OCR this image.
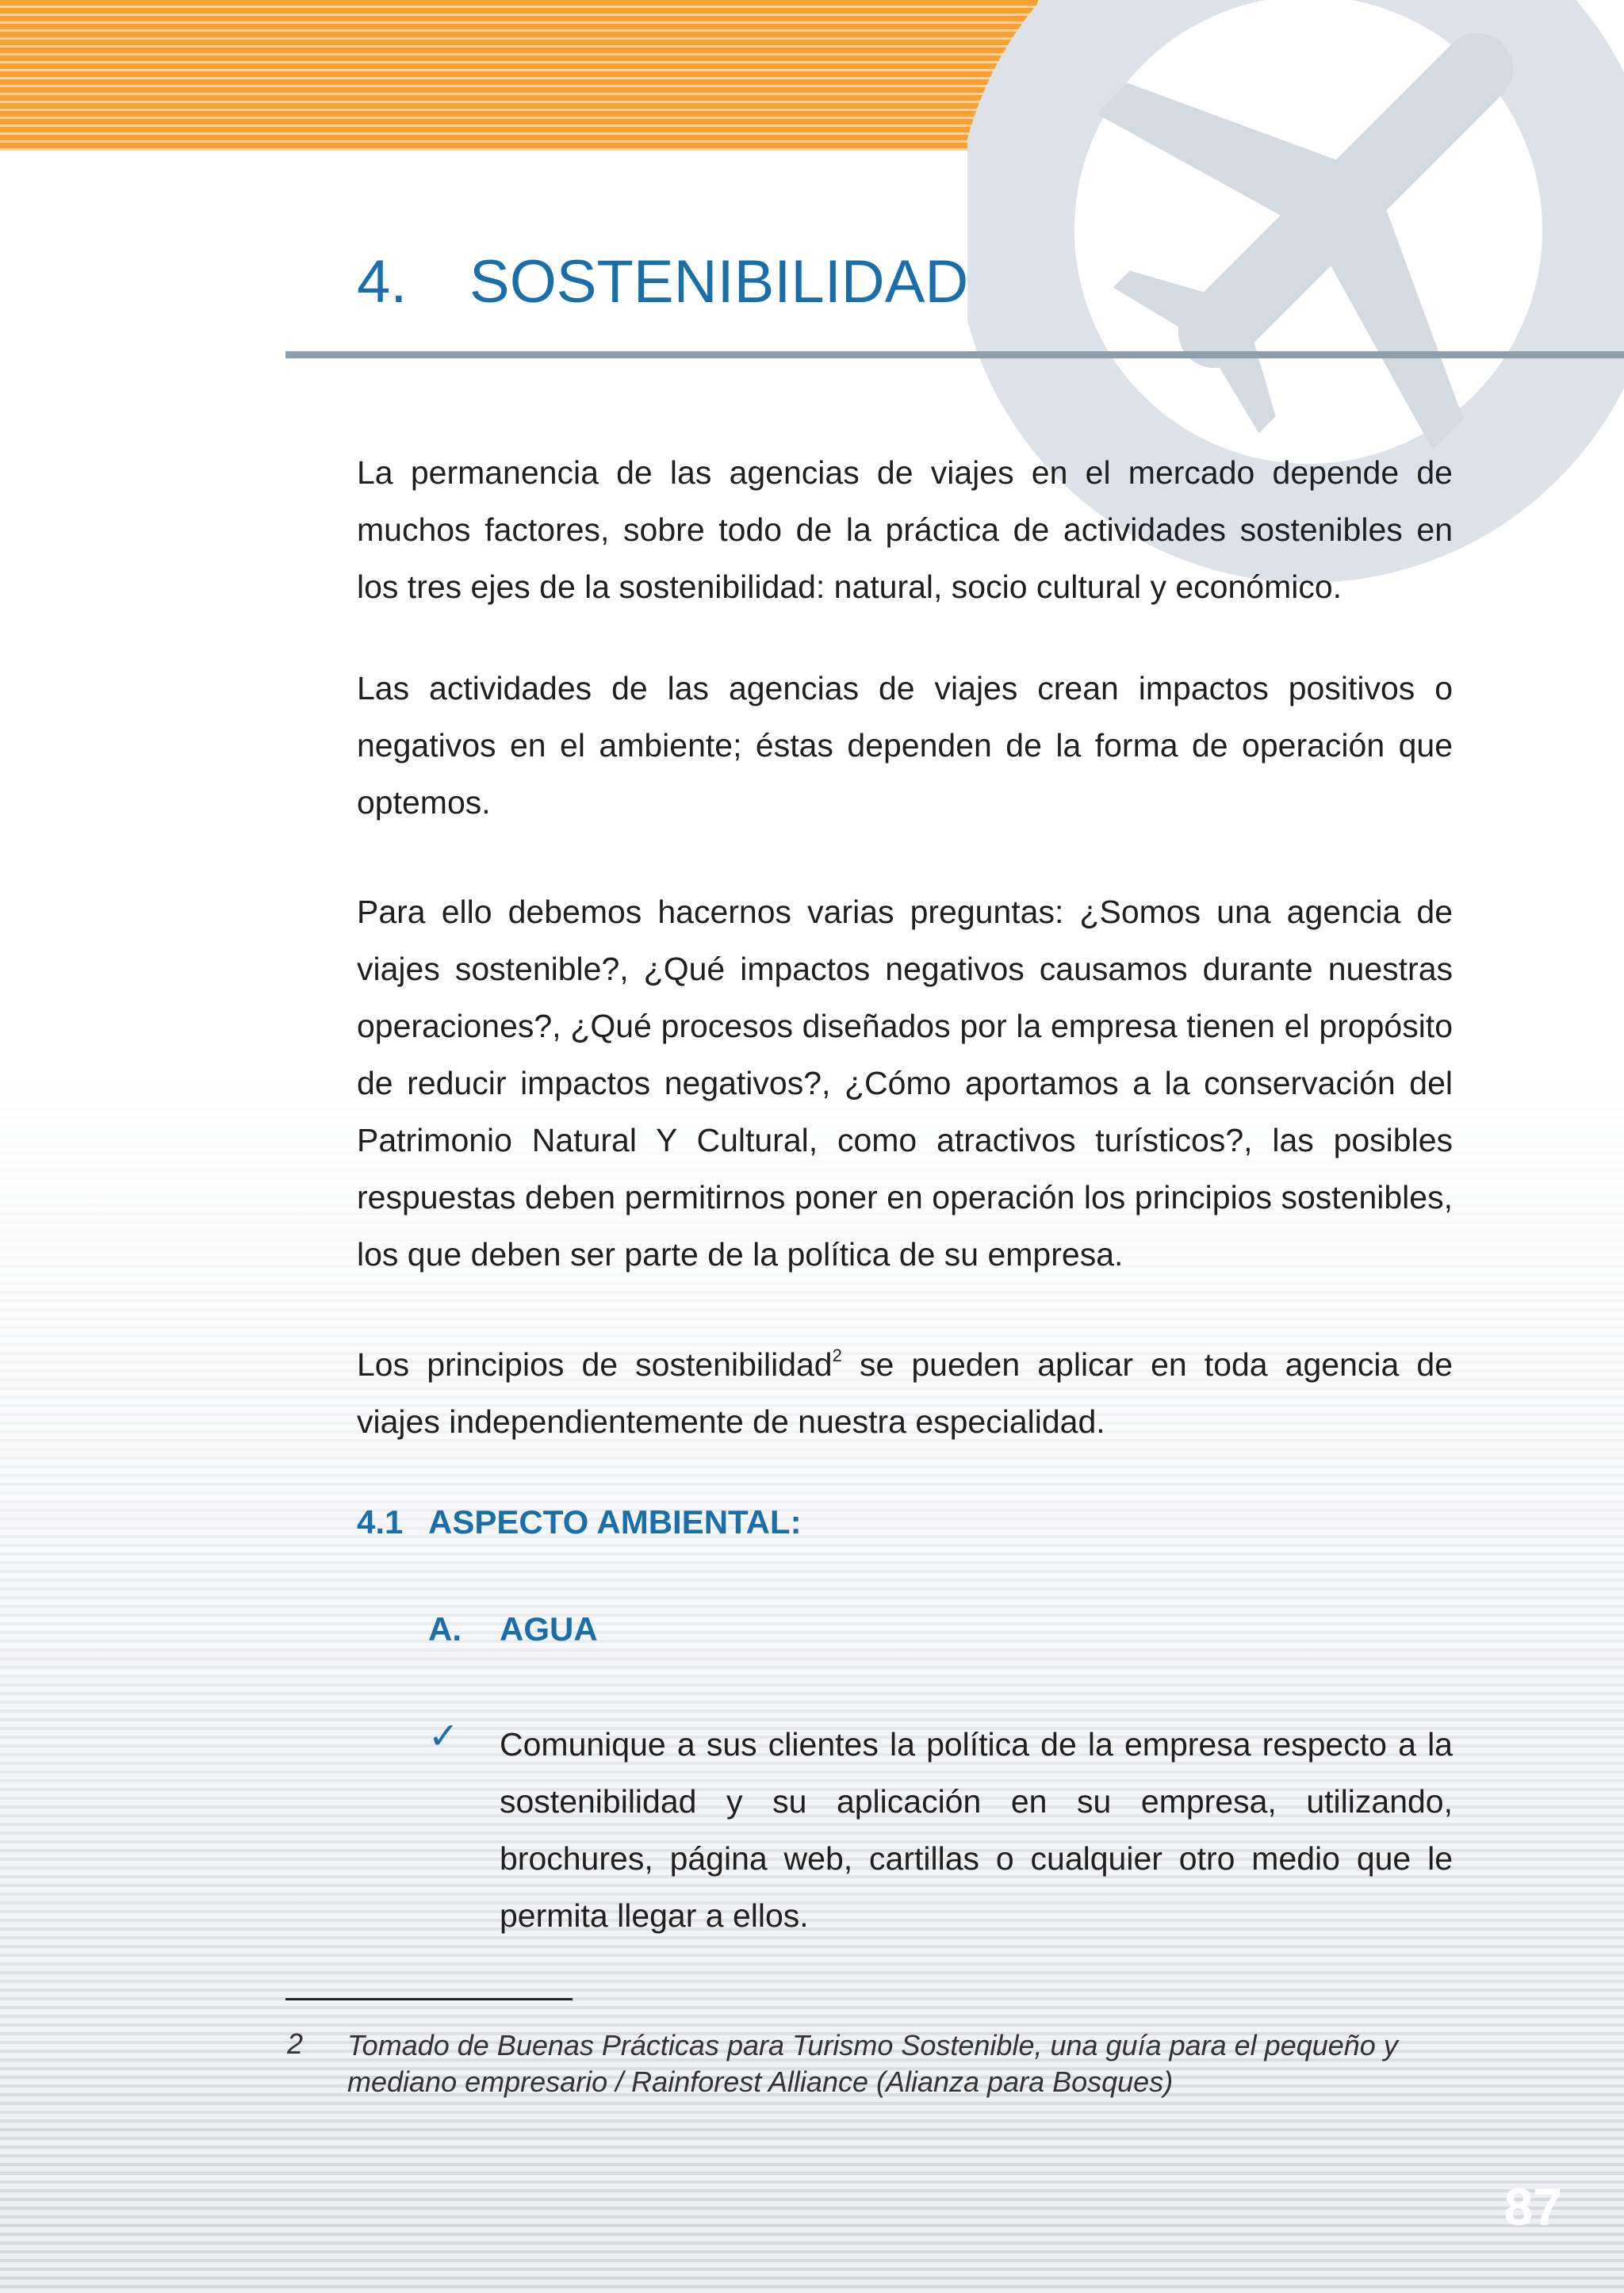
4. SOSTENIBILIDAD

La permanencia de las agencias de viajes en el mercado depende de muchos factores, sobre todo de la práctica de actividades sostenibles en los tres ejes de la sostenibilidad: natural, socio cultural y económico.

Las actividades de las agencias de viajes crean impactos positivos o negativos en el ambiente; éstas dependen de la forma de operación que optemos.

Para ello debemos hacernos varias preguntas: ¿Somos una agencia de viajes sostenible?, ¿Qué impactos negativos causamos durante nuestras operaciones?, ¿Qué procesos diseñados por la empresa tienen el propósito de reducir impactos negativos?, ¿Cómo aportamos a la conservación del Patrimonio Natural Y Cultural, como atractivos turísticos?, las posibles respuestas deben permitirnos poner en operación los principios sostenibles, los que deben ser parte de la política de su empresa.

Los principios de sostenibilidad$^2$ se pueden aplicar en toda agencia de viajes independientemente de nuestra especialidad.

4.1 ASPECTO AMBIENTAL:
A. AGUA
✓ Comunique a sus clientes la política de la empresa respecto a la sostenibilidad y su aplicación en su empresa, utilizando, brochures, página web, cartillas o cualquier otro medio que le permita llegar a ellos.

2 Tomado de Buenas Prácticas para Turismo Sostenible, una guía para el pequeño y mediano empresario / Rainforest Alliance (Alianza para Bosques)

87
